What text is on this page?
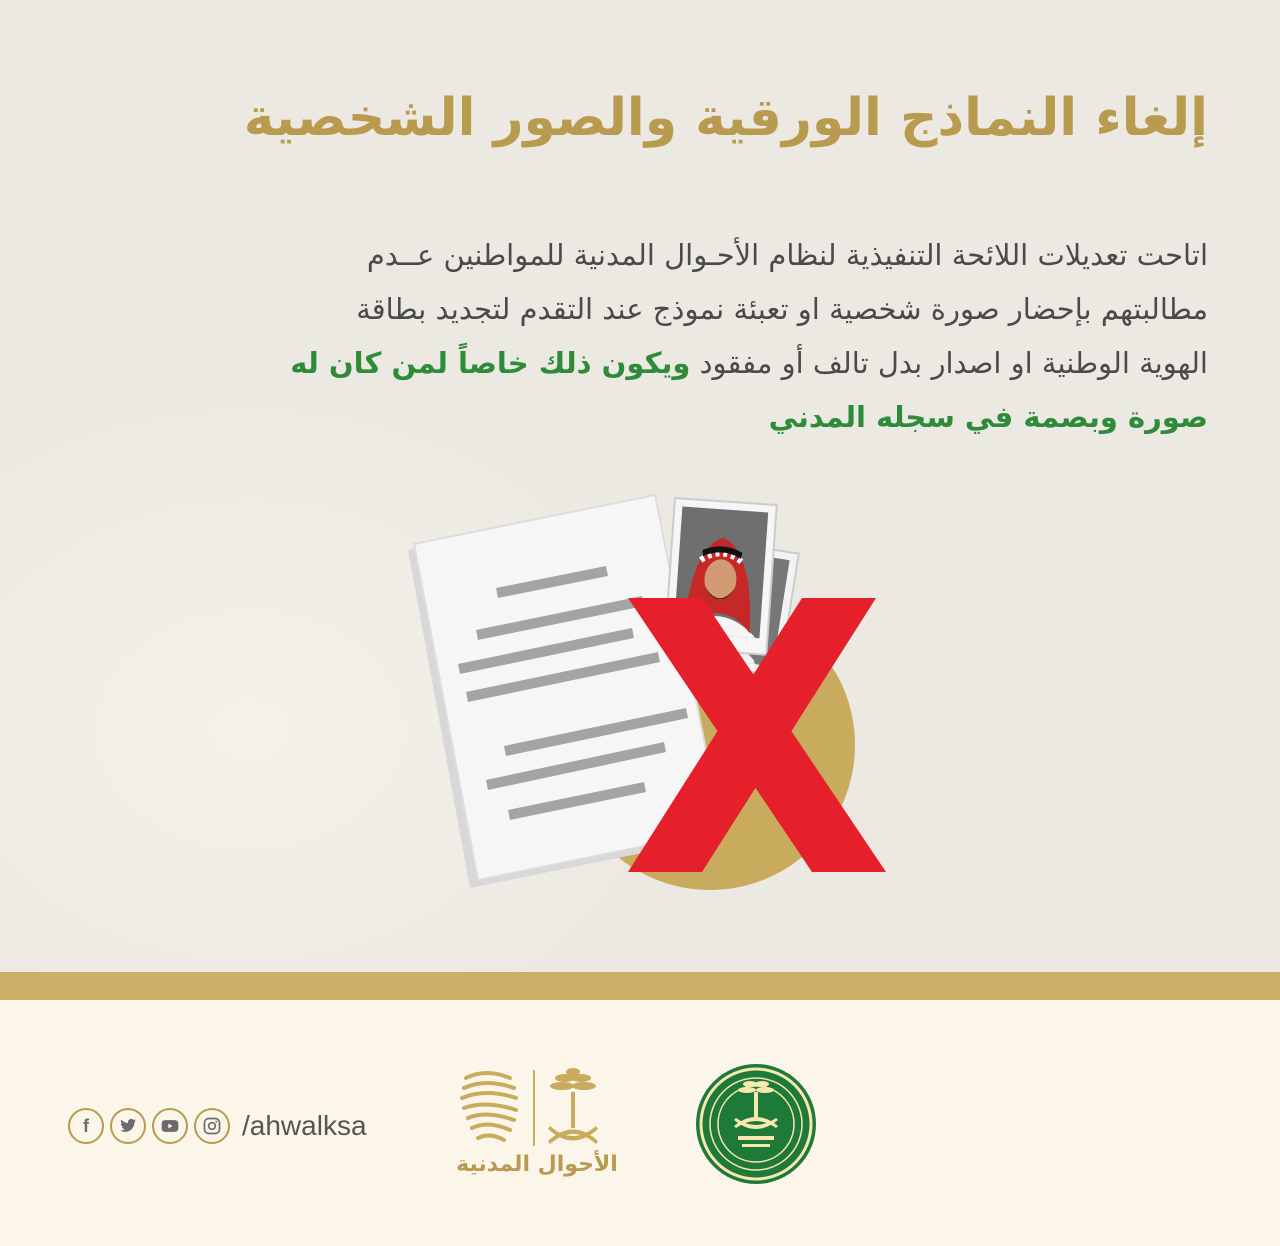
إلغاء النماذج الورقية والصور الشخصية

اتاحت تعديلات اللائحة التنفيذية لنظام الأحـوال المدنية للمواطنين عــدم
مطالبتهم بإحضار صورة شخصية او تعبئة نموذج عند التقدم لتجديد بطاقة
الهوية الوطنية او اصدار بدل تالف أو مفقود ويكون ذلك خاصاً لمن كان له
صورة وبصمة في سجله المدني

f	/ahwalksa
الأحوال المدنية
